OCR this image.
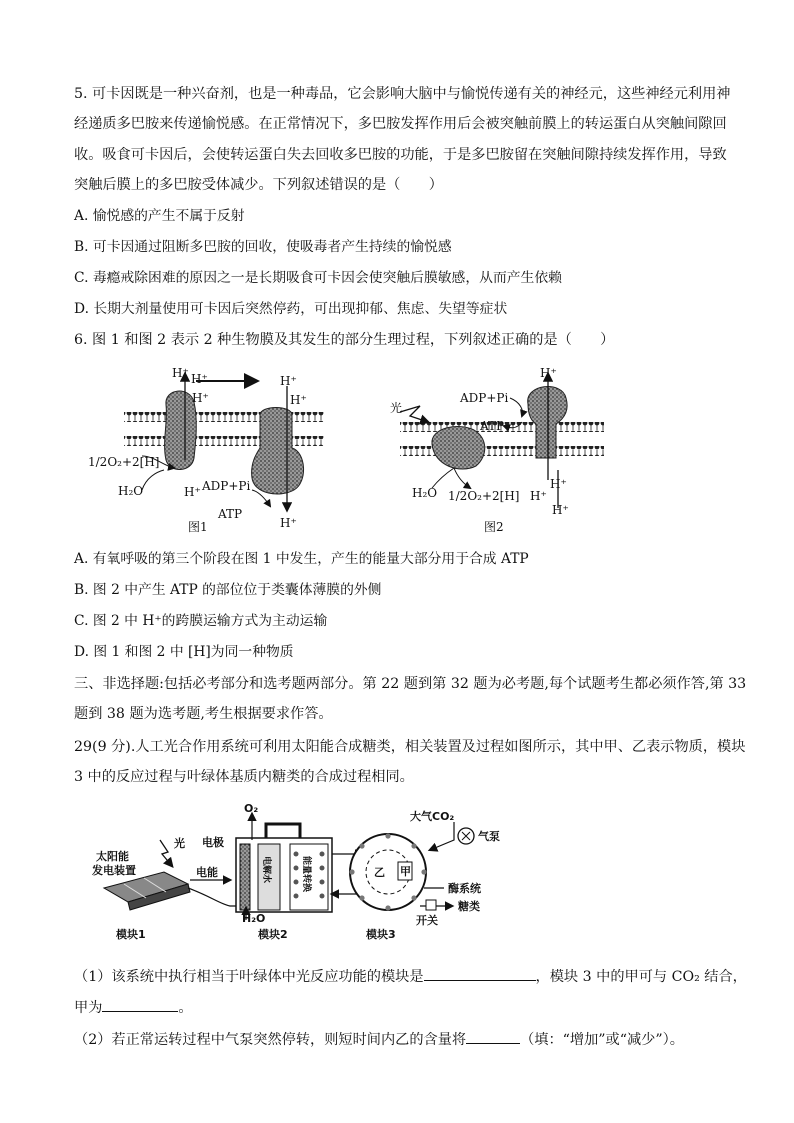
5. 可卡因既是一种兴奋剂，也是一种毒品，它会影响大脑中与愉悦传递有关的神经元，这些神经元利用神
经递质多巴胺来传递愉悦感。在正常情况下，多巴胺发挥作用后会被突触前膜上的转运蛋白从突触间隙回
收。吸食可卡因后，会使转运蛋白失去回收多巴胺的功能，于是多巴胺留在突触间隙持续发挥作用，导致
突触后膜上的多巴胺受体减少。下列叙述错误的是（　　）
A. 愉悦感的产生不属于反射
B. 可卡因通过阻断多巴胺的回收，使吸毒者产生持续的愉悦感
C. 毒瘾戒除困难的原因之一是长期吸食可卡因会使突触后膜敏感，从而产生依赖
D. 长期大剂量使用可卡因后突然停药，可出现抑郁、焦虑、失望等症状
6. 图 1 和图 2 表示 2 种生物膜及其发生的部分生理过程，下列叙述正确的是（　　）
H⁺ H⁺
H⁺
H⁺
H⁺
H⁺
H⁺
1/2O₂+2[H]
H₂O	ADP+Pi
ATP
图1
H⁺
H⁺
H⁺
H⁺
光
ADP+Pi
ATP
H₂O 1/2O₂+2[H]
图2
A. 有氧呼吸的第三个阶段在图 1 中发生，产生的能量大部分用于合成 ATP
B. 图 2 中产生 ATP 的部位位于类囊体薄膜的外侧
C. 图 2 中 H⁺的跨膜运输方式为主动运输
D. 图 1 和图 2 中 [H]为同一种物质
三、非选择题:包括必考部分和选考题两部分。第 22 题到第 32 题为必考题,每个试题考生都必须作答,第 33
题到 38 题为选考题,考生根据要求作答。
29(9 分).人工光合作用系统可利用太阳能合成糖类，相关装置及过程如图所示，其中甲、乙表示物质，模块
3 中的反应过程与叶绿体基质内糖类的合成过程相同。
O₂
电极
光
太阳能
发电装置	电能	电解水	能量转换	乙 甲
大气CO₂
气泵
酶系统
糖类
开关
H₂O
模块1	模块2	模块3
（1）该系统中执行相当于叶绿体中光反应功能的模块是	，模块 3 中的甲可与 CO₂ 结合，
甲为	。
（2）若正常运转过程中气泵突然停转，则短时间内乙的含量将	（填：“增加”或“减少”）。
